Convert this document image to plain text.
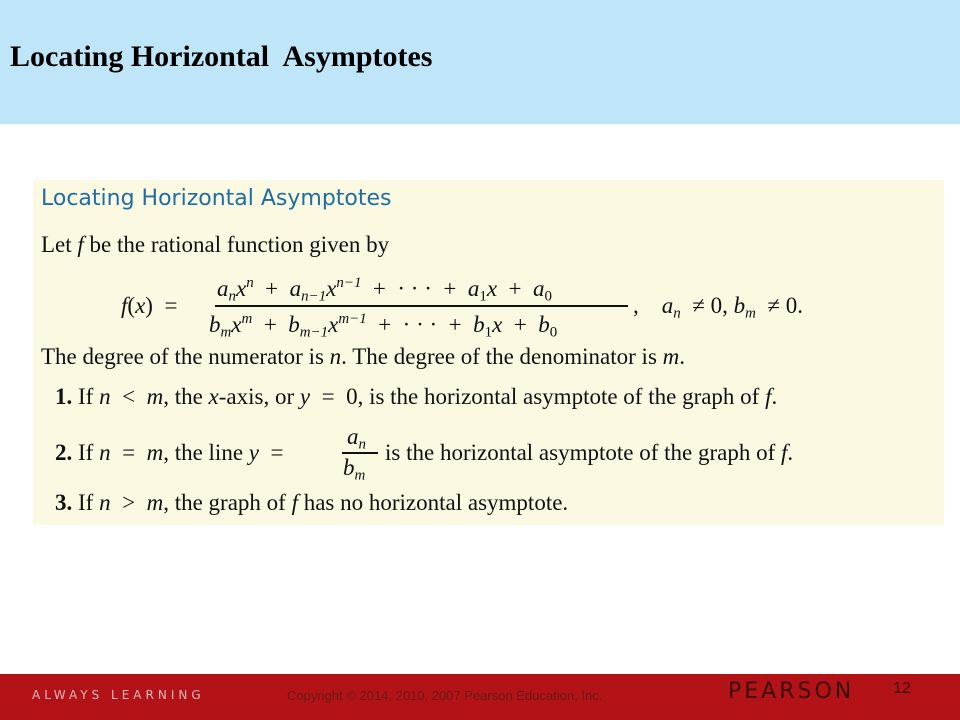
Locating Horizontal  Asymptotes
Locating Horizontal Asymptotes
Let f be the rational function given by
f(x)  =
$a_nx^n + a_{n-1}x^{n-1}$  +  · · ·  +  $a_1x + a_0$
$b_mx^m + b_{m-1}x^{m-1}$  +  · · ·  +  $b_1x + b_0$
,    $a_n \ne 0$, $b_m \ne 0$.
The degree of the numerator is n. The degree of the denominator is m.
1. If n  <  m, the x-axis, or y  =  0, is the horizontal asymptote of the graph of f.
2. If n  =  m, the line y  =
$a_n$
$b_m$
is the horizontal asymptote of the graph of f.
3. If n  >  m, the graph of f has no horizontal asymptote.
ALWAYS LEARNING	Copyright © 2014, 2010, 2007 Pearson Education, Inc.	PEARSON 12
